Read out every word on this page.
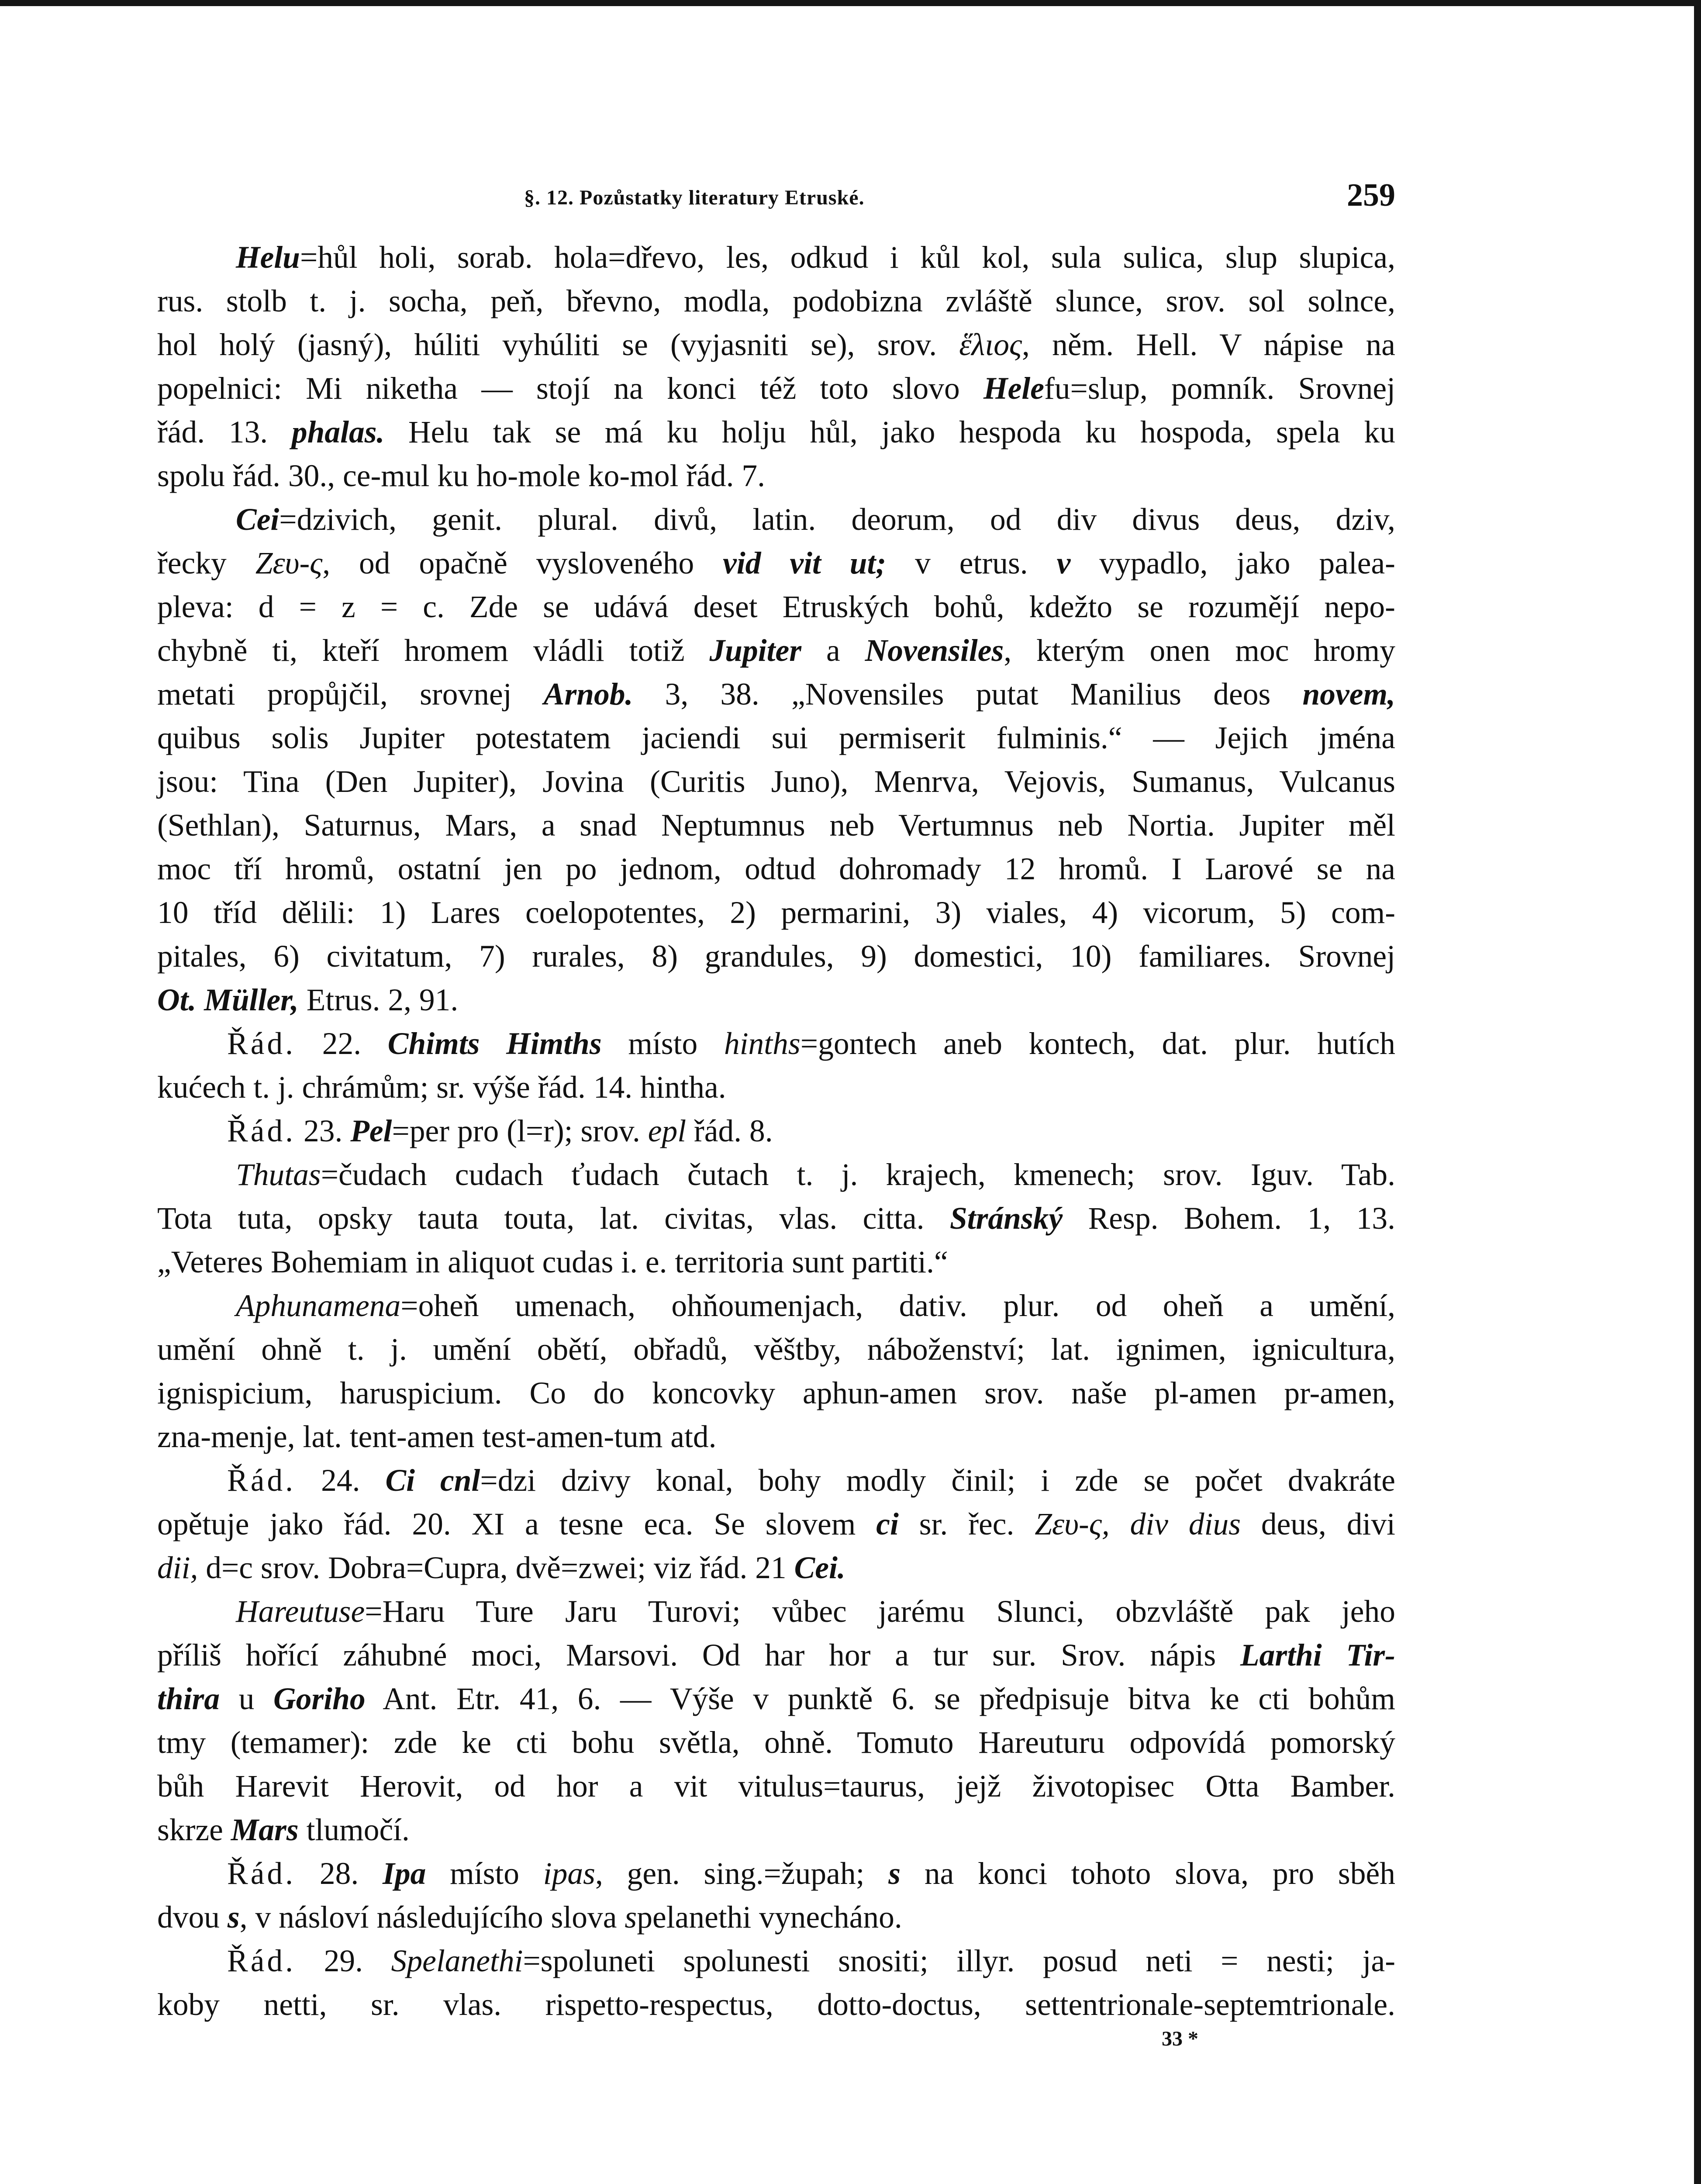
§. 12. Pozůstatky literatury Etruské.	259
Helu=hůl holi, sorab. hola=dřevo, les, odkud i kůl kol, sula sulica, slup slupica,
rus. stolb t. j. socha, peň, břevno, modla, podobizna zvláště slunce, srov. sol solnce,
hol holý (jasný), húliti vyhúliti se (vyjasniti se), srov. ἕλιος, něm. Hell. V nápise na
popelnici: Mi niketha — stojí na konci též toto slovo Helefu=slup, pomník. Srovnej
řád. 13. phalas. Helu tak se má ku holju hůl, jako hespoda ku hospoda, spela ku
spolu řád. 30., ce-mul ku ho-mole ko-mol řád. 7.
Cei=dzivich, genit. plural. divů, latin. deorum, od div divus deus, dziv,
řecky Ζευ-ς, od opačně vysloveného vid vit ut; v etrus. v vypadlo, jako palea-
pleva: d = z = c. Zde se udává deset Etruských bohů, kdežto se rozumějí nepo-
chybně ti, kteří hromem vládli totiž Jupiter a Novensiles, kterým onen moc hromy
metati propůjčil, srovnej Arnob. 3, 38. „Novensiles putat Manilius deos novem,
quibus solis Jupiter potestatem jaciendi sui permiserit fulminis.“ — Jejich jména
jsou: Tina (Den Jupiter), Jovina (Curitis Juno), Menrva, Vejovis, Sumanus, Vulcanus
(Sethlan), Saturnus, Mars, a snad Neptumnus neb Vertumnus neb Nortia. Jupiter měl
moc tří hromů, ostatní jen po jednom, odtud dohromady 12 hromů. I Larové se na
10 tříd dělili: 1) Lares coelopotentes, 2) permarini, 3) viales, 4) vicorum, 5) com-
pitales, 6) civitatum, 7) rurales, 8) grandules, 9) domestici, 10) familiares. Srovnej
Ot. Müller, Etrus. 2, 91.
Řád. 22. Chimts Himths místo hinths=gontech aneb kontech, dat. plur. hutích
kućech t. j. chrámům; sr. výše řád. 14. hintha.
Řád. 23. Pel=per pro (l=r); srov. epl řád. 8.
Thutas=čudach cudach ťudach čutach t. j. krajech, kmenech; srov. Iguv. Tab.
Tota tuta, opsky tauta touta, lat. civitas, vlas. citta. Stránský Resp. Bohem. 1, 13.
„Veteres Bohemiam in aliquot cudas i. e. territoria sunt partiti.“
Aphunamena=oheň umenach, ohňoumenjach, dativ. plur. od oheň a umění,
umění ohně t. j. umění obětí, obřadů, věštby, náboženství; lat. ignimen, ignicultura,
ignispicium, haruspicium. Co do koncovky aphun-amen srov. naše pl-amen pr-amen,
zna-menje, lat. tent-amen test-amen-tum atd.
Řád. 24. Ci cnl=dzi dzivy konal, bohy modly činil; i zde se počet dvakráte
opětuje jako řád. 20. XI a tesne eca. Se slovem ci sr. řec. Ζευ-ς, div dius deus, divi
dii, d=c srov. Dobra=Cupra, dvě=zwei; viz řád. 21 Cei.
Hareutuse=Haru Ture Jaru Turovi; vůbec jarému Slunci, obzvláště pak jeho
příliš hořící záhubné moci, Marsovi. Od har hor a tur sur. Srov. nápis Larthi Tir-
thira u Goriho Ant. Etr. 41, 6. — Výše v punktě 6. se předpisuje bitva ke cti bohům
tmy (temamer): zde ke cti bohu světla, ohně. Tomuto Hareuturu odpovídá pomorský
bůh Harevit Herovit, od hor a vit vitulus=taurus, jejž životopisec Otta Bamber.
skrze Mars tlumočí.
Řád. 28. Ipa místo ipas, gen. sing.=župah; s na konci tohoto slova, pro sběh
dvou s, v násloví následujícího slova spelanethi vynecháno.
Řád. 29. Spelanethi=spoluneti spolunesti snositi; illyr. posud neti = nesti; ja-
koby netti, sr. vlas. rispetto-respectus, dotto-doctus, settentrionale-septemtrionale.
33 *
